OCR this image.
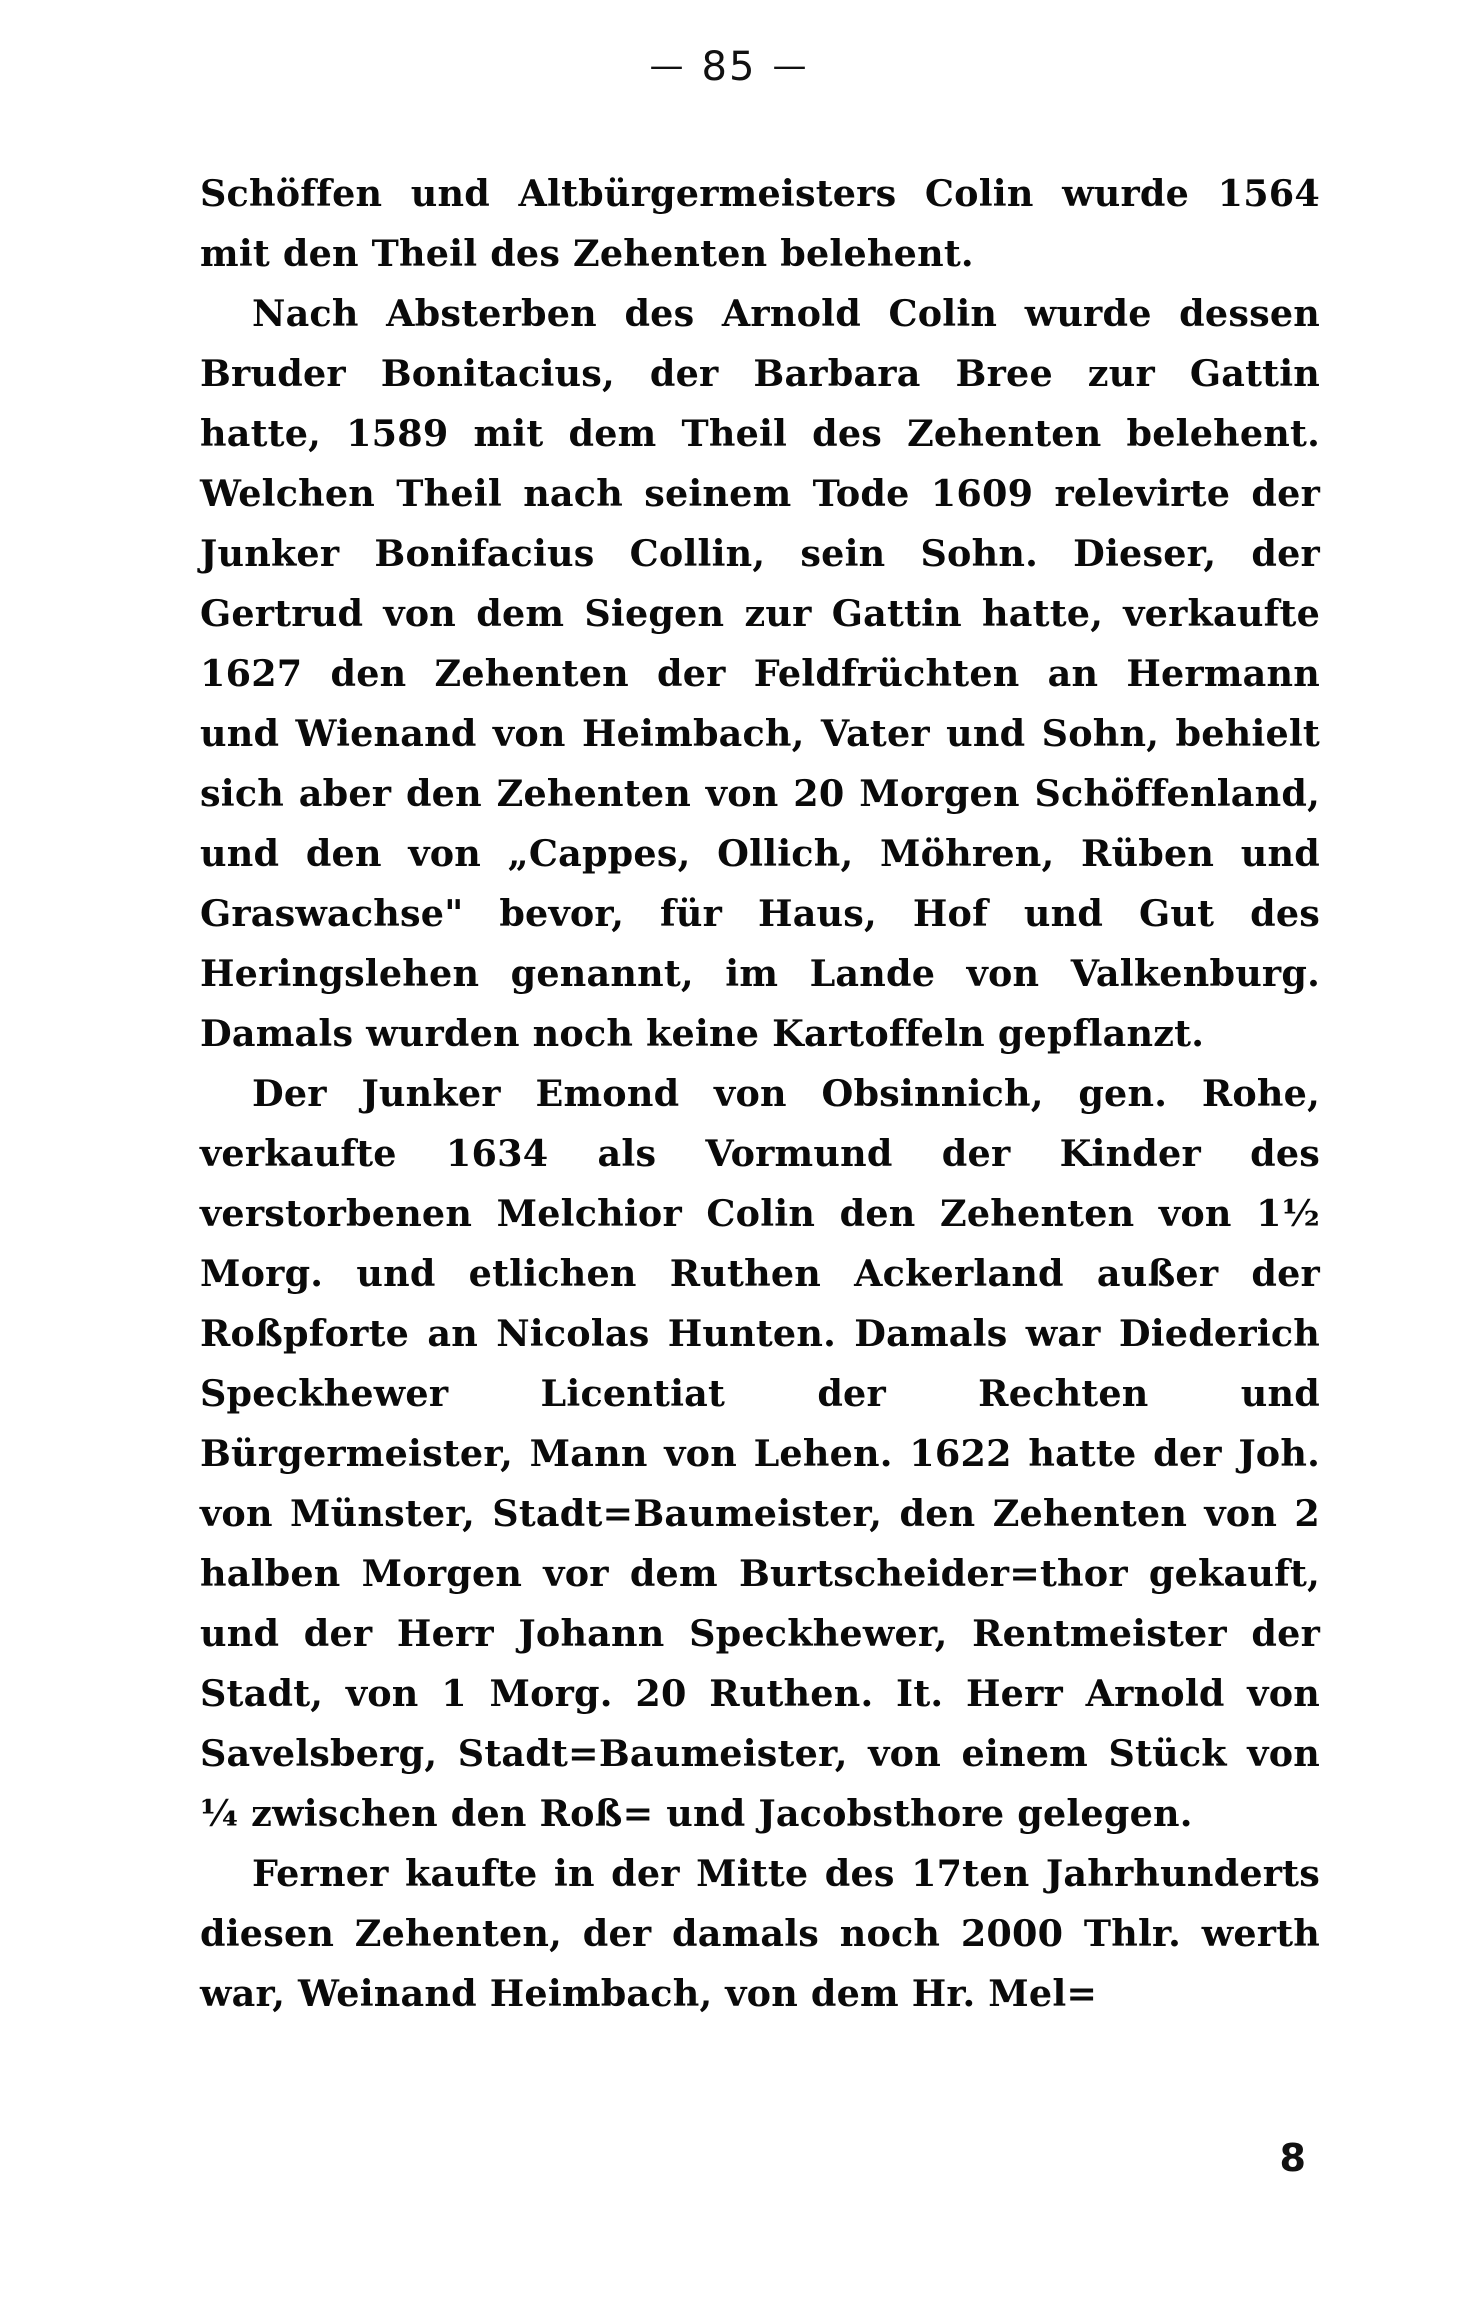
— 85 —

Schöffen und Altbürgermeisters Colin wurde 1564 mit den Theil des Zehenten belehent.

Nach Absterben des Arnold Colin wurde dessen Bruder Bonitacius, der Barbara Bree zur Gattin hatte, 1589 mit dem Theil des Zehenten belehent. Welchen Theil nach seinem Tode 1609 relevirte der Junker Bonifacius Collin, sein Sohn. Dieser, der Gertrud von dem Siegen zur Gattin hatte, verkaufte 1627 den Zehenten der Feldfrüchten an Hermann und Wienand von Heimbach, Vater und Sohn, behielt sich aber den Zehenten von 20 Morgen Schöffenland, und den von „Cappes, Ollich, Möhren, Rüben und Graswachse" bevor, für Haus, Hof und Gut des Heringslehen genannt, im Lande von Valkenburg. Damals wurden noch keine Kartoffeln gepflanzt.

Der Junker Emond von Obsinnich, gen. Rohe, verkaufte 1634 als Vormund der Kinder des verstorbenen Melchior Colin den Zehenten von 1½ Morg. und etlichen Ruthen Ackerland außer der Roßpforte an Nicolas Hunten. Damals war Diederich Speckhewer Licentiat der Rechten und Bürgermeister, Mann von Lehen. 1622 hatte der Joh. von Münster, Stadt=Baumeister, den Zehenten von 2 halben Morgen vor dem Burtscheider=thor gekauft, und der Herr Johann Speckhewer, Rentmeister der Stadt, von 1 Morg. 20 Ruthen. It. Herr Arnold von Savelsberg, Stadt=Baumeister, von einem Stück von ¼ zwischen den Roß= und Jacobsthore gelegen.

Ferner kaufte in der Mitte des 17ten Jahrhunderts diesen Zehenten, der damals noch 2000 Thlr. werth war, Weinand Heimbach, von dem Hr. Mel=

8
